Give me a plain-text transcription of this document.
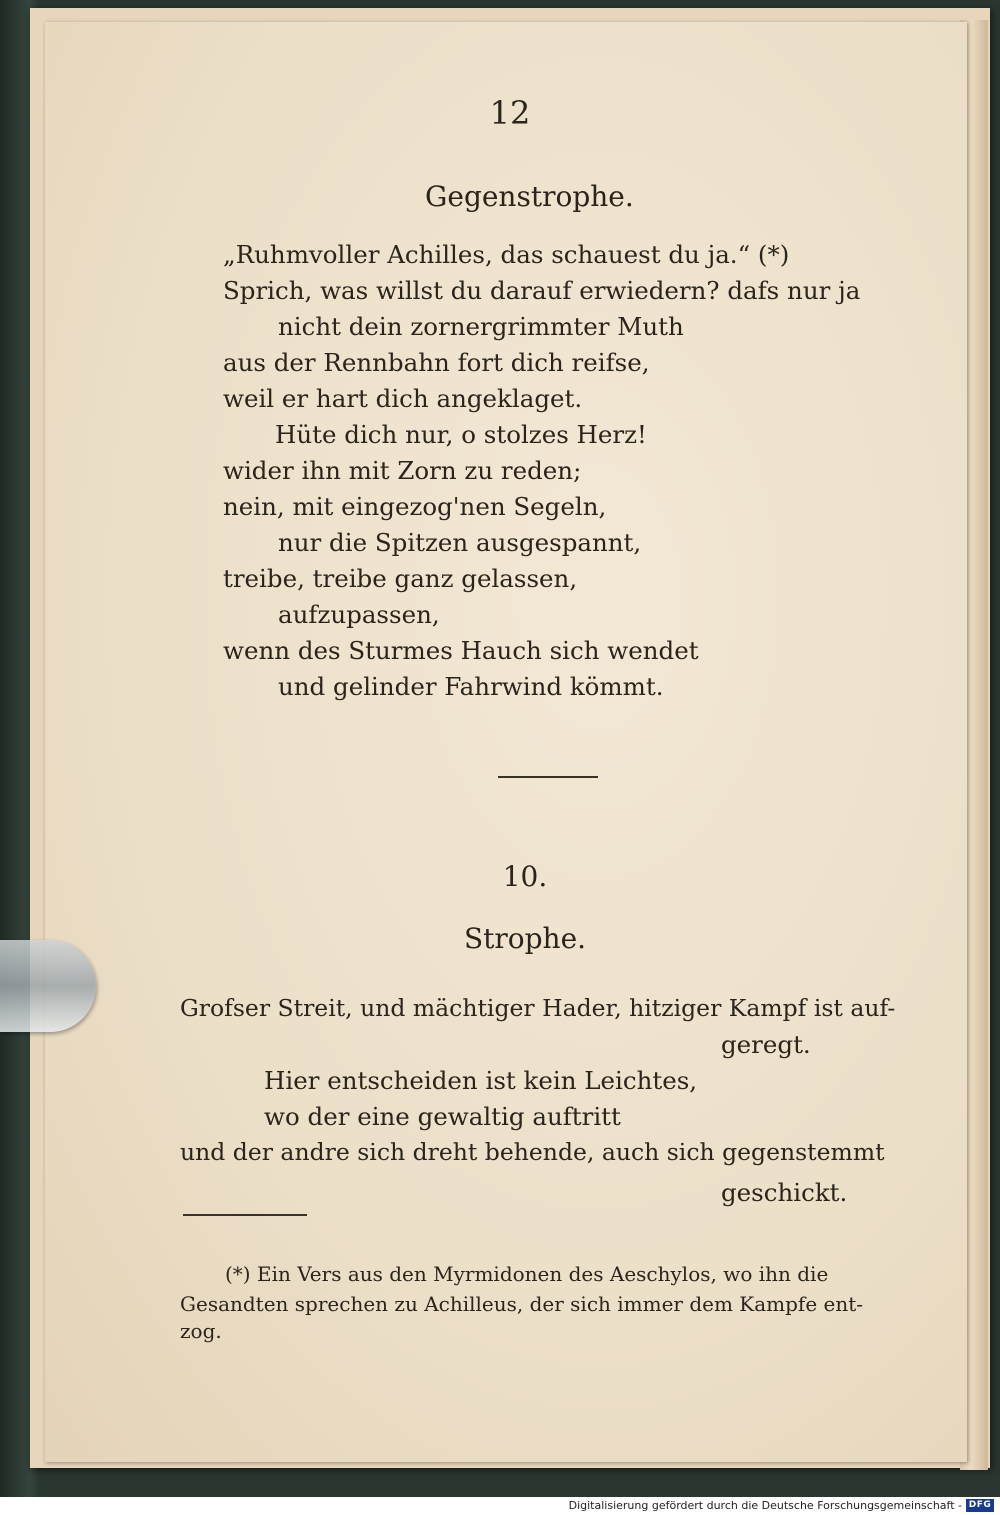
12
Gegenstrophe.
„Ruhmvoller Achilles, das schauest du ja.“ (*)
Sprich, was willst du darauf erwiedern? dafs nur ja
nicht dein zornergrimmter Muth
aus der Rennbahn fort dich reifse,
weil er hart dich angeklaget.
Hüte dich nur, o stolzes Herz!
wider ihn mit Zorn zu reden;
nein, mit eingezog'nen Segeln,
nur die Spitzen ausgespannt,
treibe, treibe ganz gelassen,
aufzupassen,
wenn des Sturmes Hauch sich wendet
und gelinder Fahrwind kömmt.
10.
Strophe.
Grofser Streit, und mächtiger Hader, hitziger Kampf ist auf-
geregt.
Hier entscheiden ist kein Leichtes,
wo der eine gewaltig auftritt
und der andre sich dreht behende, auch sich gegenstemmt
geschickt.
(*) Ein Vers aus den Myrmidonen des Aeschylos, wo ihn die
Gesandten sprechen zu Achilleus, der sich immer dem Kampfe ent-
zog.
Digitalisierung gefördert durch die Deutsche Forschungsgemeinschaft - DFG
